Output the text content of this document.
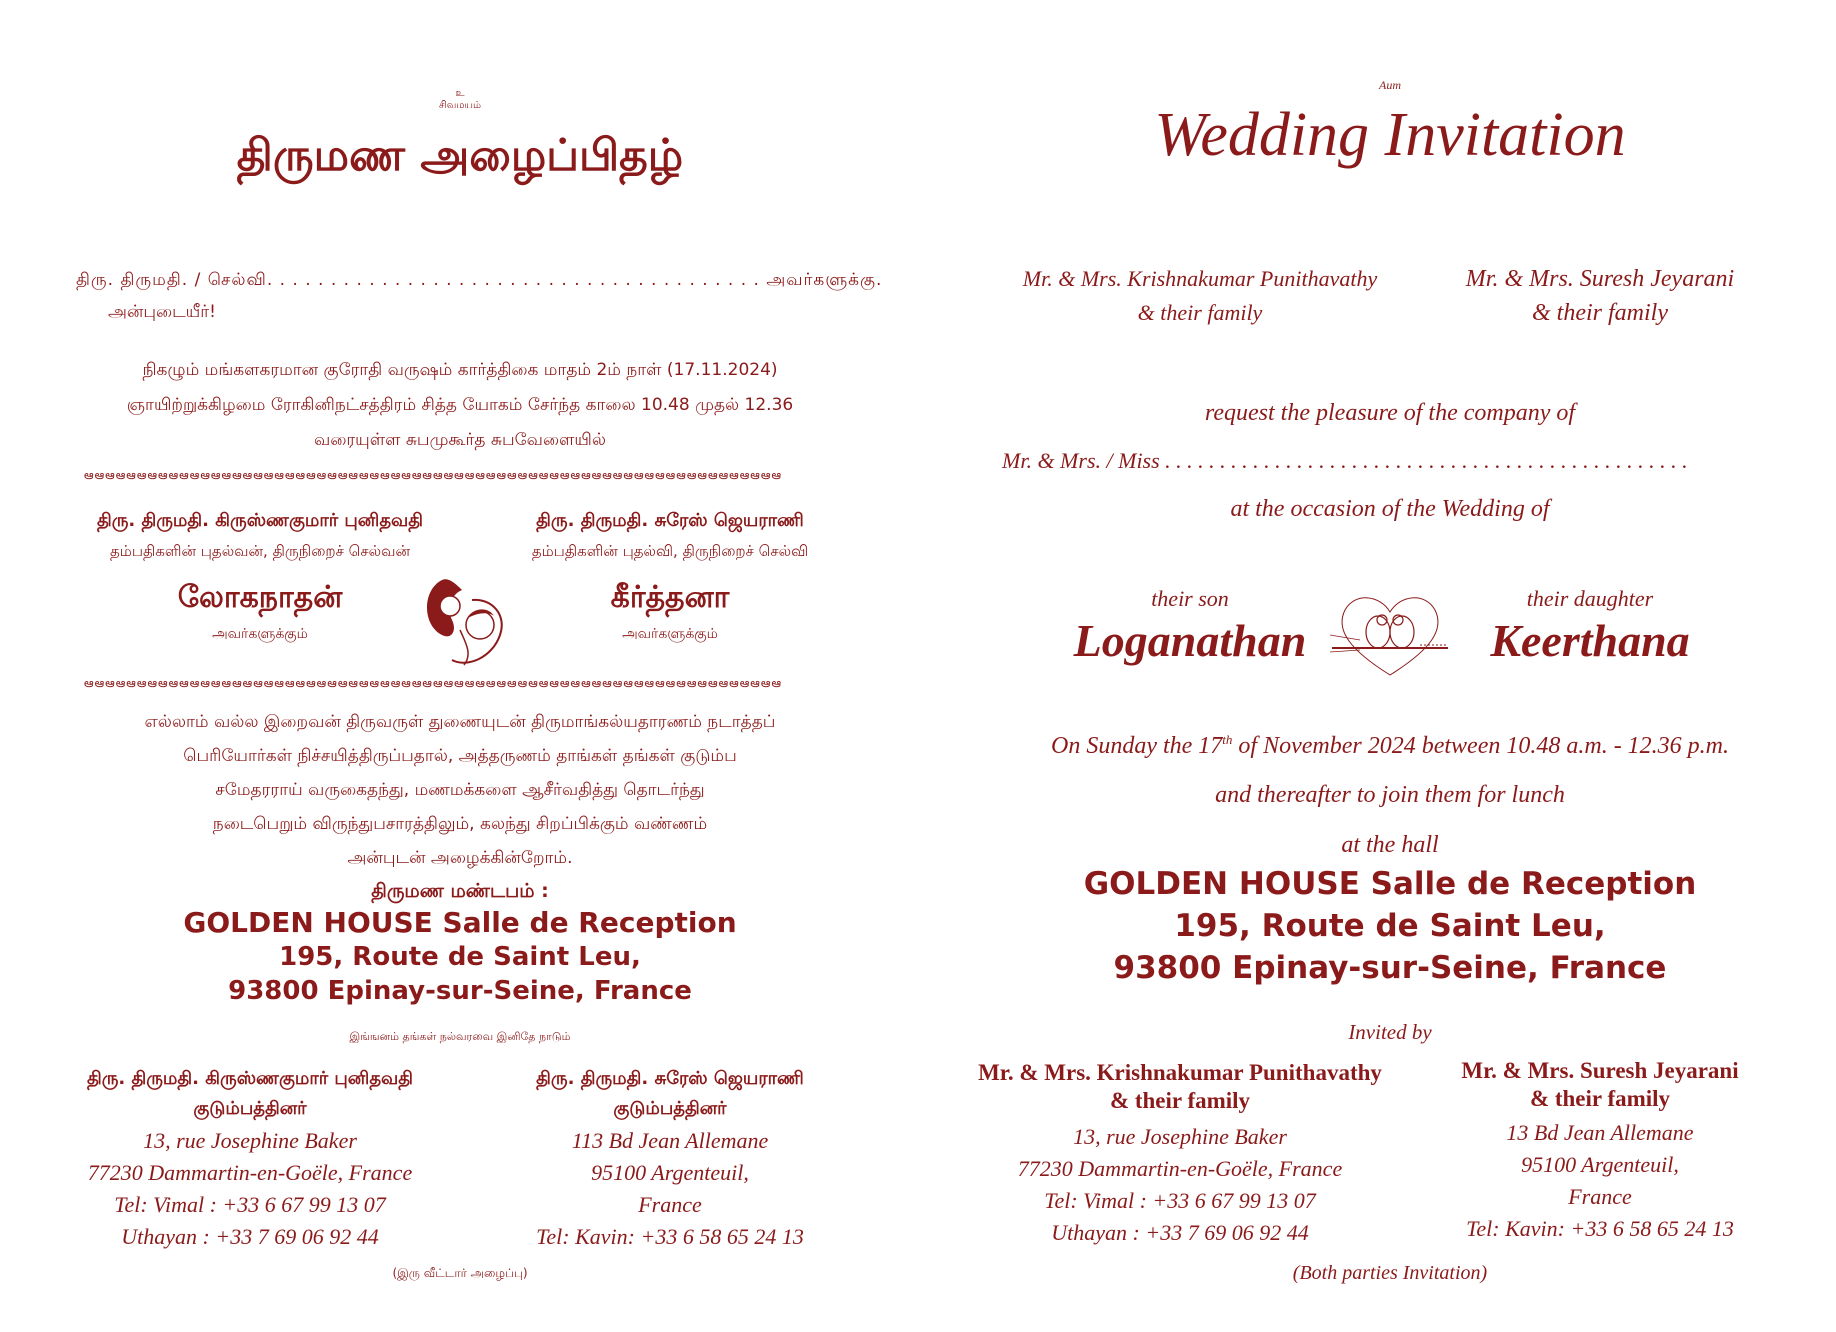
உ
சிவமயம்
திருமண அழைப்பிதழ்
திரு. திருமதி. / செல்வி. . . . . . . . . . . . . . . . . . . . . . . . . . . . . . . . . . . . . . . அவர்களுக்கு.
அன்புடையீர்!
நிகழும் மங்களகரமான குரோதி வருஷம் கார்த்திகை மாதம் 2ம் நாள் (17.11.2024)
ஞாயிற்றுக்கிழமை ரோகினிநட்சத்திரம் சித்த யோகம் சேர்ந்த காலை 10.48 முதல் 12.36
வரையுள்ள சுபமுகூர்த சுபவேளையில்
ఆఆఆఆఆఆఆఆఆఆఆఆఆఆఆఆఆఆఆఆఆఆఆఆఆఆఆఆఆఆఆఆఆఆఆఆఆఆఆఆఆఆఆఆఆఆఆఆఆఆఆఆఆఆఆఆఆఆఆఆఆఆఆఆఆఆ
திரு. திருமதி. கிருஸ்ணகுமார் புனிதவதி
தம்பதிகளின் புதல்வன், திருநிறைச் செல்வன்
லோகநாதன்
அவர்களுக்கும்
திரு. திருமதி. சுரேஸ் ஜெயராணி
தம்பதிகளின் புதல்வி, திருநிறைச் செல்வி
கீர்த்தனா
அவர்களுக்கும்
ఆఆఆఆఆఆఆఆఆఆఆఆఆఆఆఆఆఆఆఆఆఆఆఆఆఆఆఆఆఆఆఆఆఆఆఆఆఆఆఆఆఆఆఆఆఆఆఆఆఆఆఆఆఆఆఆఆఆఆఆఆఆఆఆఆఆ
எல்லாம் வல்ல இறைவன் திருவருள் துணையுடன் திருமாங்கல்யதாரணம் நடாத்தப்
பெரியோர்கள் நிச்சயித்திருப்பதால், அத்தருணம் தாங்கள் தங்கள் குடும்ப
சமேதரராய் வருகைதந்து, மணமக்களை ஆசீர்வதித்து தொடர்ந்து
நடைபெறும் விருந்துபசாரத்திலும், கலந்து சிறப்பிக்கும் வண்ணம்
அன்புடன் அழைக்கின்றோம்.
திருமண மண்டபம் :
GOLDEN HOUSE Salle de Reception
195, Route de Saint Leu,
93800 Epinay-sur-Seine, France
இங்ஙனம் தங்கள் நல்வரவை இனிதே நாடும்
திரு. திருமதி. கிருஸ்ணகுமார் புனிதவதி
குடும்பத்தினர்
13, rue Josephine Baker
77230 Dammartin-en-Goële, France
Tel: Vimal : +33 6 67 99 13 07
Uthayan : +33 7 69 06 92 44
திரு. திருமதி. சுரேஸ் ஜெயராணி
குடும்பத்தினர்
113 Bd Jean Allemane
95100 Argenteuil,
France
Tel: Kavin: +33 6 58 65 24 13
(இரு வீட்டார் அழைப்பு)
Aum
Wedding Invitation
Mr. & Mrs. Krishnakumar Punithavathy
& their family
Mr. & Mrs. Suresh Jeyarani
& their family
request the pleasure of the company of
Mr. & Mrs. / Miss . . . . . . . . . . . . . . . . . . . . . . . . . . . . . . . . . . . . . . . . . . . . . . . .
at the occasion of the Wedding of
their son
Loganathan
their daughter
Keerthana
On Sunday the 17th of November 2024 between 10.48 a.m. - 12.36 p.m.
and thereafter to join them for lunch
at the hall
GOLDEN HOUSE Salle de Reception
195, Route de Saint Leu,
93800 Epinay-sur-Seine, France
Invited by
Mr. & Mrs. Krishnakumar Punithavathy
& their family
13, rue Josephine Baker
77230 Dammartin-en-Goële, France
Tel: Vimal : +33 6 67 99 13 07
Uthayan : +33 7 69 06 92 44
Mr. & Mrs. Suresh Jeyarani
& their family
13 Bd Jean Allemane
95100 Argenteuil,
France
Tel: Kavin: +33 6 58 65 24 13
(Both parties Invitation)
